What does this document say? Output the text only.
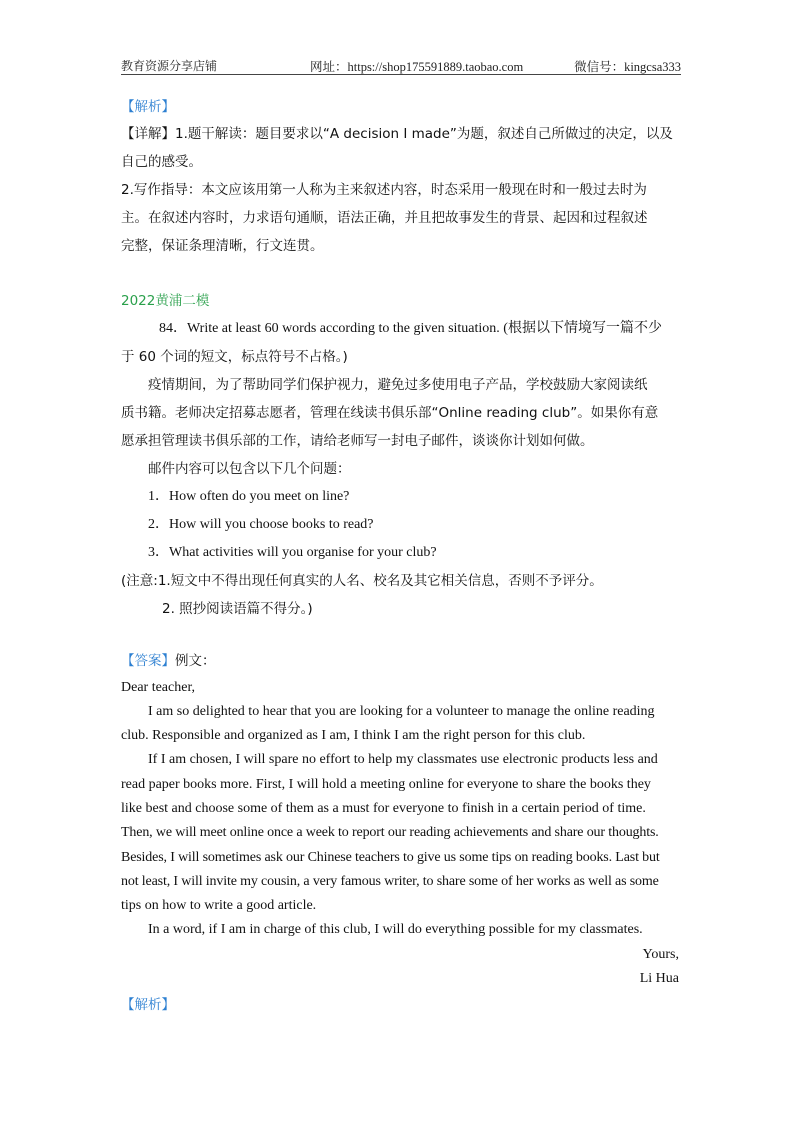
教育资源分享店铺	网址：https://shop175591889.taobao.com	微信号：kingcsa333
【解析】
【详解】1.题干解读：题目要求以“A decision I made”为题，叙述自己所做过的决定，以及
自己的感受。
2.写作指导：本文应该用第一人称为主来叙述内容，时态采用一般现在时和一般过去时为
主。在叙述内容时，力求语句通顺，语法正确，并且把故事发生的背景、起因和过程叙述
完整，保证条理清晰，行文连贯。
2022黄浦二模
84．Write at least 60 words according to the given situation. (根据以下情境写一篇不少
于 60 个词的短文，标点符号不占格。)
疫情期间，为了帮助同学们保护视力，避免过多使用电子产品，学校鼓励大家阅读纸
质书籍。老师决定招募志愿者，管理在线读书俱乐部“Online reading club”。如果你有意
愿承担管理读书俱乐部的工作，请给老师写一封电子邮件，谈谈你计划如何做。
邮件内容可以包含以下几个问题：
1．How often do you meet on line?
2．How will you choose books to read?
3．What activities will you organise for your club?
(注意:1.短文中不得出现任何真实的人名、校名及其它相关信息，否则不予评分。
2. 照抄阅读语篇不得分。)
【答案】例文：
Dear teacher,
I am so delighted to hear that you are looking for a volunteer to manage the online reading
club. Responsible and organized as I am, I think I am the right person for this club.
If I am chosen, I will spare no effort to help my classmates use electronic products less and
read paper books more. First, I will hold a meeting online for everyone to share the books they
like best and choose some of them as a must for everyone to finish in a certain period of time.
Then, we will meet online once a week to report our reading achievements and share our thoughts.
Besides, I will sometimes ask our Chinese teachers to give us some tips on reading books. Last but
not least, I will invite my cousin, a very famous writer, to share some of her works as well as some
tips on how to write a good article.
In a word, if I am in charge of this club, I will do everything possible for my classmates.
Yours,
Li Hua
【解析】
